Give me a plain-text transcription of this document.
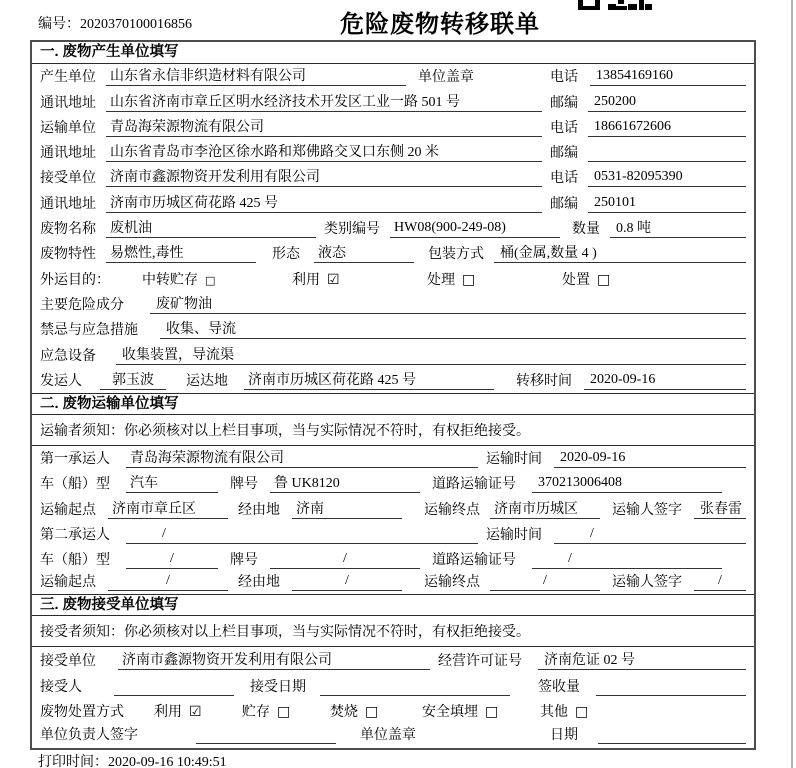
编号：2020370100016856	危险废物转移联单
一. 废物产生单位填写
产生单位 山东省永信非织造材料有限公司	单位盖章	电话	13854169160
通讯地址 山东省济南市章丘区明水经济技术开发区工业一路 501 号	邮编	250200
运输单位 青岛海荣源物流有限公司	电话	18661672606
通讯地址 山东省青岛市李沧区徐水路和郑佛路交叉口东侧 20 米	邮编
接受单位 济南市鑫源物资开发利用有限公司	电话	0531-82095390
通讯地址 济南市历城区荷花路 425 号	邮编	250101
废物名称 废机油	类别编号 HW08(900-249-08)	数量	0.8 吨
废物特性 易燃性,毒性	形态 液态	包装方式	桶(金属,数量 4 )
外运目的：	中转贮存 □	利用 ☑	处理 □	处置 □
主要危险成分	废矿物油
禁忌与应急措施	收集、导流
应急设备	收集装置，导流渠
发运人	郭玉波	运达地	济南市历城区荷花路 425 号	转移时间	2020-09-16
二. 废物运输单位填写
运输者须知：你必须核对以上栏目事项，当与实际情况不符时，有权拒绝接受。
第一承运人	青岛海荣源物流有限公司	运输时间	2020-09-16
车（船）型	汽车	牌号 鲁 UK8120	道路运输证号	370213006408
运输起点 济南市章丘区	经由地	济南	运输终点 济南市历城区	运输人签字	张春雷
第二承运人	/	运输时间	/
车（船）型	/	牌号	/	道路运输证号	/
运输起点	/	经由地	/	运输终点	/	运输人签字	/
三. 废物接受单位填写
接受者须知：你必须核对以上栏目事项，当与实际情况不符时，有权拒绝接受。
接受单位 济南市鑫源物资开发利用有限公司	经营许可证号	济南危证 02 号
接受人	接受日期	签收量
废物处置方式	利用 ☑	贮存 □	焚烧 □	安全填埋 □	其他 □
单位负责人签字	单位盖章	日期
打印时间：2020-09-16 10:49:51
